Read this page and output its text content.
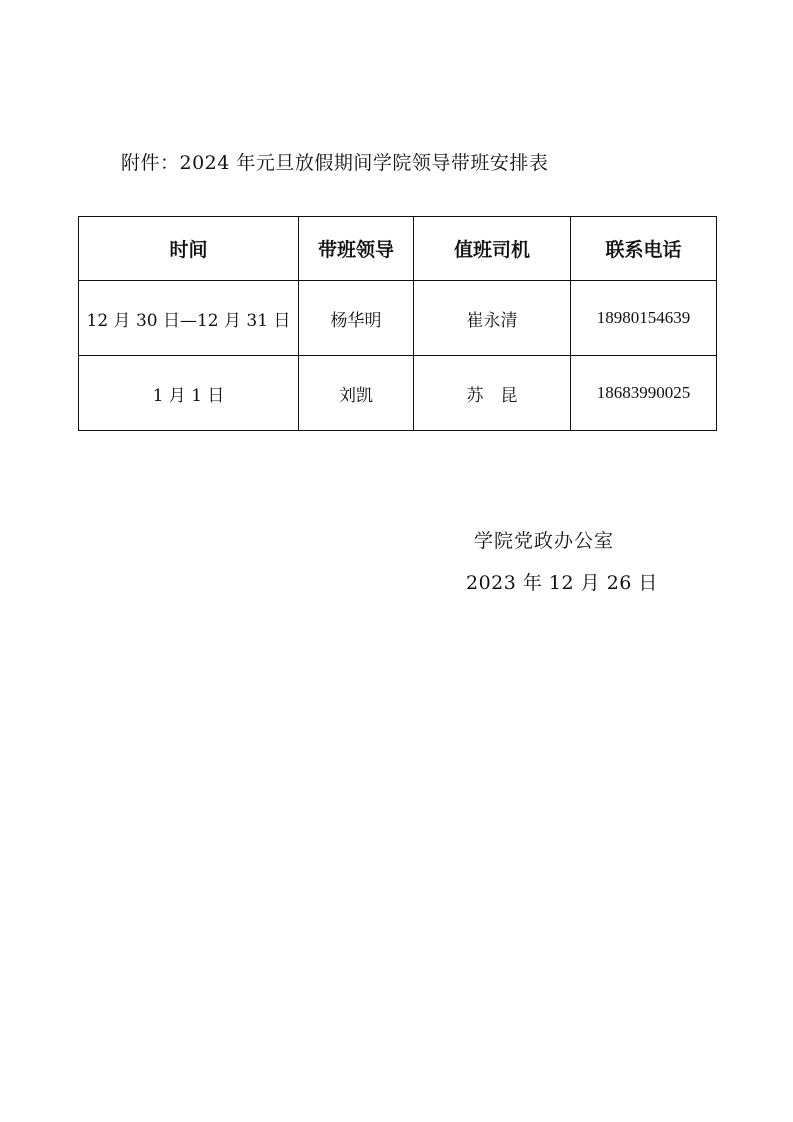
附件：2024 年元旦放假期间学院领导带班安排表
时间	带班领导	值班司机	联系电话
12 月 30 日—12 月 31 日	杨华明	崔永清	18980154639
1 月 1 日	刘凯	苏　昆	18683990025
学院党政办公室
2023 年 12 月 26 日
